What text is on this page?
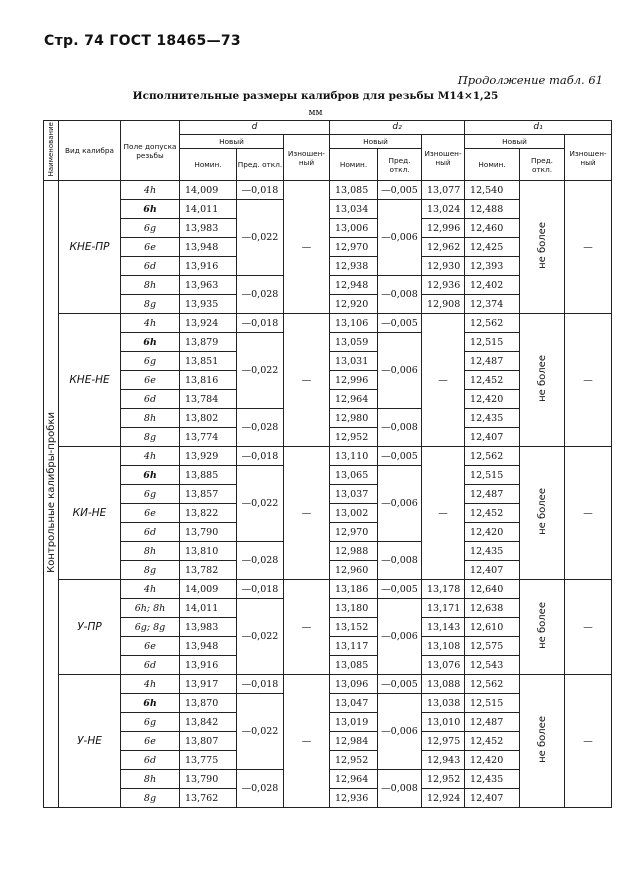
Стр. 74 ГОСТ 18465—73
Продолжение табл. 61
Исполнительные размеры калибров для резьбы М14×1,25
мм
Наименование	Вид калибра	Поле допуска резьбы	d			d₂			d₁		
			Новый		Изношен-ный	Новый		Изношен-ный	Новый		Изношен-ный
			Номин.	Пред. откл.		Номин.	Пред. откл.		Номин.	Пред. откл.	
Контрольные калибры-пробки	КНЕ-ПР	4h	14,009	—0,018	—	13,085	—0,005	13,077	12,540	не более	—
		6h	14,011	—0,022		13,034	—0,006	13,024	12,488		
		6g	13,983			13,006		12,996	12,460		
		6e	13,948			12,970		12,962	12,425		
		6d	13,916			12,938		12,930	12,393		
		8h	13,963	—0,028		12,948	—0,008	12,936	12,402		
		8g	13,935			12,920		12,908	12,374		
	КНЕ-НЕ	4h	13,924	—0,018	—	13,106	—0,005	—	12,562	не более	—
		6h	13,879	—0,022		13,059	—0,006		12,515		
		6g	13,851			13,031			12,487		
		6e	13,816			12,996			12,452		
		6d	13,784			12,964			12,420		
		8h	13,802	—0,028		12,980	—0,008		12,435		
		8g	13,774			12,952			12,407		
	КИ-НЕ	4h	13,929	—0,018	—	13,110	—0,005	—	12,562	не более	—
		6h	13,885	—0,022		13,065	—0,006		12,515		
		6g	13,857			13,037			12,487		
		6e	13,822			13,002			12,452		
		6d	13,790			12,970			12,420		
		8h	13,810	—0,028		12,988	—0,008		12,435		
		8g	13,782			12,960			12,407		
	У-ПР	4h	14,009	—0,018	—	13,186	—0,005	13,178	12,640	не более	—
		6h; 8h	14,011	—0,022		13,180	—0,006	13,171	12,638		
		6g; 8g	13,983			13,152		13,143	12,610		
		6e	13,948			13,117		13,108	12,575		
		6d	13,916			13,085		13,076	12,543		
	У-НЕ	4h	13,917	—0,018	—	13,096	—0,005	13,088	12,562	не более	—
		6h	13,870	—0,022		13,047	—0,006	13,038	12,515		
		6g	13,842			13,019		13,010	12,487		
		6e	13,807			12,984		12,975	12,452		
		6d	13,775			12,952		12,943	12,420		
		8h	13,790	—0,028		12,964	—0,008	12,952	12,435		
		8g	13,762			12,936		12,924	12,407		
